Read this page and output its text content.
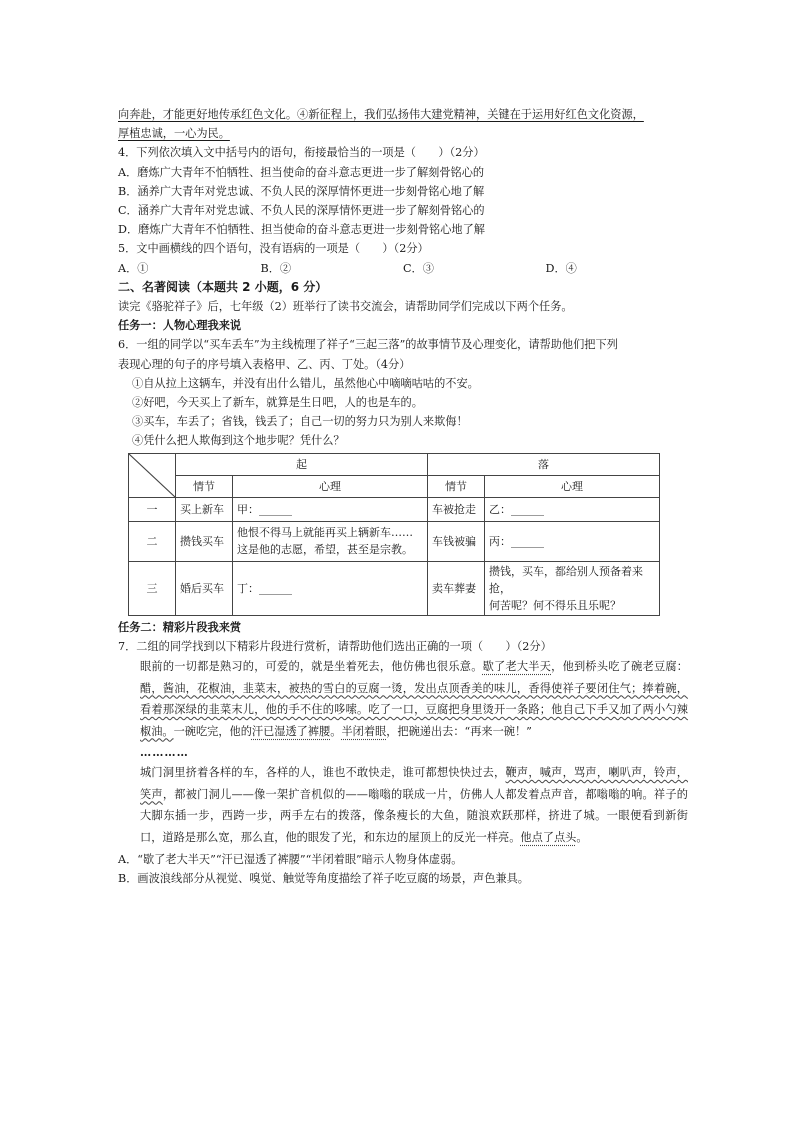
向奔赴，才能更好地传承红色文化。④新征程上，我们弘扬伟大建党精神，关键在于运用好红色文化资源，
厚植忠诚，一心为民。
4．下列依次填入文中括号内的语句，衔接最恰当的一项是（　　）（2分）
A．磨炼广大青年不怕牺牲、担当使命的奋斗意志更进一步了解刻骨铭心的
B．涵养广大青年对党忠诚、不负人民的深厚情怀更进一步刻骨铭心地了解
C．涵养广大青年对党忠诚、不负人民的深厚情怀更进一步了解刻骨铭心的
D．磨炼广大青年不怕牺牲、担当使命的奋斗意志更进一步刻骨铭心地了解
5．文中画横线的四个语句，没有语病的一项是（　　）（2分）
A．①	B．②	C．③	D．④
二、名著阅读（本题共 2 小题，6 分）
读完《骆驼祥子》后，七年级（2）班举行了读书交流会，请帮助同学们完成以下两个任务。
任务一：人物心理我来说
6．一组的同学以“买车丢车”为主线梳理了祥子“三起三落”的故事情节及心理变化，请帮助他们把下列
表现心理的句子的序号填入表格甲、乙、丙、丁处。（4分）
①自从拉上这辆车，并没有出什么错儿，虽然他心中嘀嘀咕咕的不安。
②好吧，今天买上了新车，就算是生日吧，人的也是车的。
③买车，车丢了；省钱，钱丢了；自己一切的努力只为别人来欺侮！
④凭什么把人欺侮到这个地步呢？凭什么？
	起		落	
	情节	心理	情节	心理
一	买上新车	甲：______	车被抢走	乙：______
二	攒钱买车	他恨不得马上就能再买上辆新车……
这是他的志愿，希望，甚至是宗教。	车钱被骗	丙：______
三	婚后买车	丁：______	卖车葬妻	攒钱，买车，都给别人预备着来抢，
何苦呢？何不得乐且乐呢？
任务二：精彩片段我来赏
7．二组的同学找到以下精彩片段进行赏析，请帮助他们选出正确的一项（　　）（2分）
眼前的一切都是熟习的，可爱的，就是坐着死去，他仿佛也很乐意。歇了老大半天，他到桥头吃了碗老豆腐：醋，酱油，花椒油，韭菜末，被热的雪白的豆腐一烫，发出点顶香美的味儿，香得使祥子要闭住气；捧着碗，看着那深绿的韭菜末儿，他的手不住的哆嗦。吃了一口，豆腐把身里烫开一条路；他自己下手又加了两小勺辣椒油。一碗吃完，他的汗已湿透了裤腰。半闭着眼，把碗递出去：“再来一碗！”
…………
城门洞里挤着各样的车，各样的人，谁也不敢快走，谁可都想快快过去，鞭声，喊声，骂声，喇叭声，铃声，笑声，都被门洞儿——像一架扩音机似的——嗡嗡的联成一片，仿佛人人都发着点声音，都嗡嗡的响。祥子的大脚东插一步，西跨一步，两手左右的拨落，像条瘦长的大鱼，随浪欢跃那样，挤进了城。一眼便看到新街口，道路是那么宽，那么直，他的眼发了光，和东边的屋顶上的反光一样亮。他点了点头。
A．“歇了老大半天”“汗已湿透了裤腰”“半闭着眼”暗示人物身体虚弱。
B．画波浪线部分从视觉、嗅觉、触觉等角度描绘了祥子吃豆腐的场景，声色兼具。
